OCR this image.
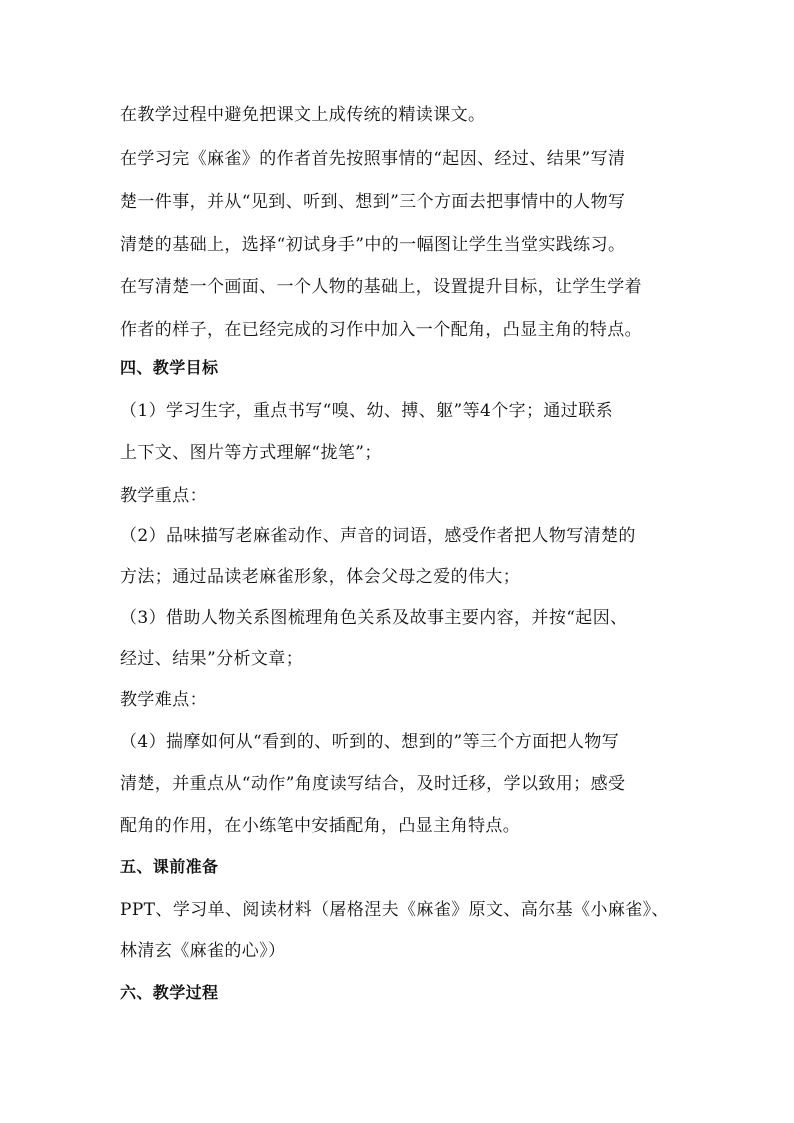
在教学过程中避免把课文上成传统的精读课文。
在学习完《麻雀》的作者首先按照事情的“起因、经过、结果”写清
楚一件事，并从“见到、听到、想到”三个方面去把事情中的人物写
清楚的基础上，选择“初试身手”中的一幅图让学生当堂实践练习。
在写清楚一个画面、一个人物的基础上，设置提升目标，让学生学着
作者的样子，在已经完成的习作中加入一个配角，凸显主角的特点。
四、教学目标
（1）学习生字，重点书写“嗅、幼、搏、躯”等4个字；通过联系
上下文、图片等方式理解“拢笔”；
教学重点：
（2）品味描写老麻雀动作、声音的词语，感受作者把人物写清楚的
方法；通过品读老麻雀形象，体会父母之爱的伟大；
（3）借助人物关系图梳理角色关系及故事主要内容，并按“起因、
经过、结果”分析文章；
教学难点：
（4）揣摩如何从“看到的、听到的、想到的”等三个方面把人物写
清楚，并重点从“动作”角度读写结合，及时迁移，学以致用；感受
配角的作用，在小练笔中安插配角，凸显主角特点。
五、课前准备
PPT、学习单、阅读材料（屠格涅夫《麻雀》原文、高尔基《小麻雀》、
林清玄《麻雀的心》）
六、教学过程
